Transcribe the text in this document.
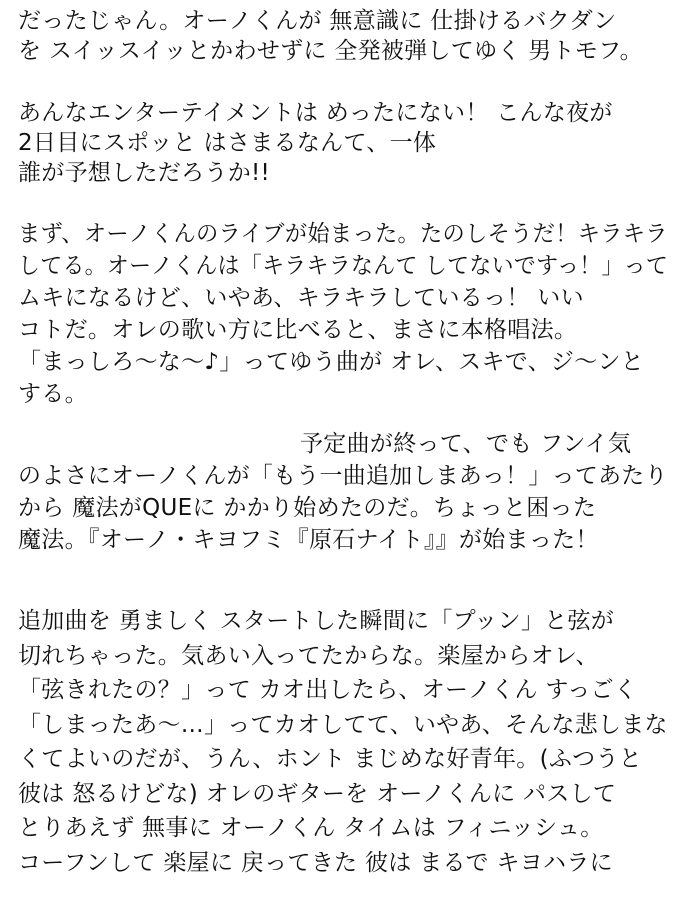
だったじゃん。オーノくんが 無意識に 仕掛けるバクダン
を スイッスイッとかわせずに 全発被弾してゆく 男トモフ。
あんなエンターテイメントは めったにない！ こんな夜が
2日目にスポッと はさまるなんて、一体
誰が予想しただろうか!!
まず、オーノくんのライブが始まった。たのしそうだ！キラキラ
してる。オーノくんは「キラキラなんて してないですっ！」って
ムキになるけど、いやあ、キラキラしているっ！ いい
コトだ。オレの歌い方に比べると、まさに本格唱法。
「まっしろ〜な〜♪」ってゆう曲が オレ、スキで、ジ〜ンと
する。
予定曲が終って、でも フンイ気
のよさにオーノくんが「もう一曲追加しまあっ！」ってあたり
から 魔法がQUEに かかり始めたのだ。ちょっと困った
魔法。『オーノ・キヨフミ『原石ナイト』』が始まった！
追加曲を 勇ましく スタートした瞬間に「プッン」と弦が
切れちゃった。気あい入ってたからな。楽屋からオレ、
「弦きれたの？」って カオ出したら、オーノくん すっごく
「しまったあ〜…」ってカオしてて、いやあ、そんな悲しまな
くてよいのだが、うん、ホント まじめな好青年。(ふつうと
彼は 怒るけどな) オレのギターを オーノくんに パスして
とりあえず 無事に オーノくん タイムは フィニッシュ。
コーフンして 楽屋に 戻ってきた 彼は まるで キヨハラに
